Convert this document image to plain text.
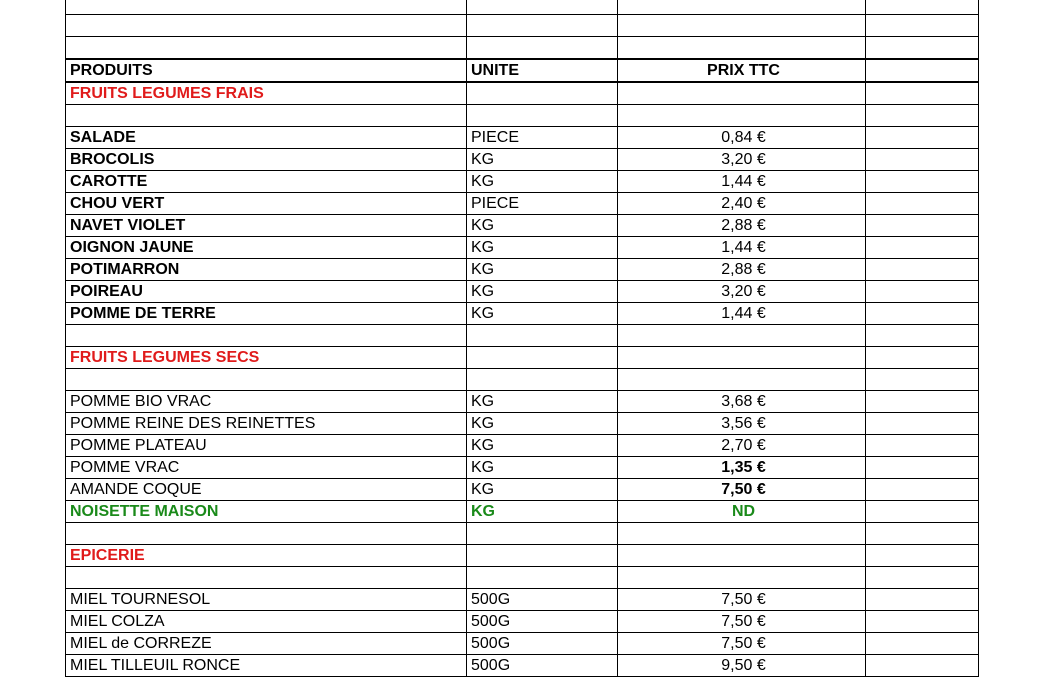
PRODUITS	UNITE	PRIX TTC	
FRUITS LEGUMES FRAIS			

SALADE	PIECE	0,84 €	
BROCOLIS	KG	3,20 €	
CAROTTE	KG	1,44 €	
CHOU VERT	PIECE	2,40 €	
NAVET VIOLET	KG	2,88 €	
OIGNON JAUNE	KG	1,44 €	
POTIMARRON	KG	2,88 €	
POIREAU	KG	3,20 €	
POMME DE TERRE	KG	1,44 €	

FRUITS LEGUMES SECS			

POMME BIO VRAC	KG	3,68 €	
POMME REINE DES REINETTES	KG	3,56 €	
POMME PLATEAU	KG	2,70 €	
POMME VRAC	KG	1,35 €	
AMANDE COQUE	KG	7,50 €	
NOISETTE MAISON	KG	ND	

EPICERIE			

MIEL TOURNESOL	500G	7,50 €	
MIEL COLZA	500G	7,50 €	
MIEL de CORREZE	500G	7,50 €	
MIEL TILLEUIL RONCE	500G	9,50 €	
